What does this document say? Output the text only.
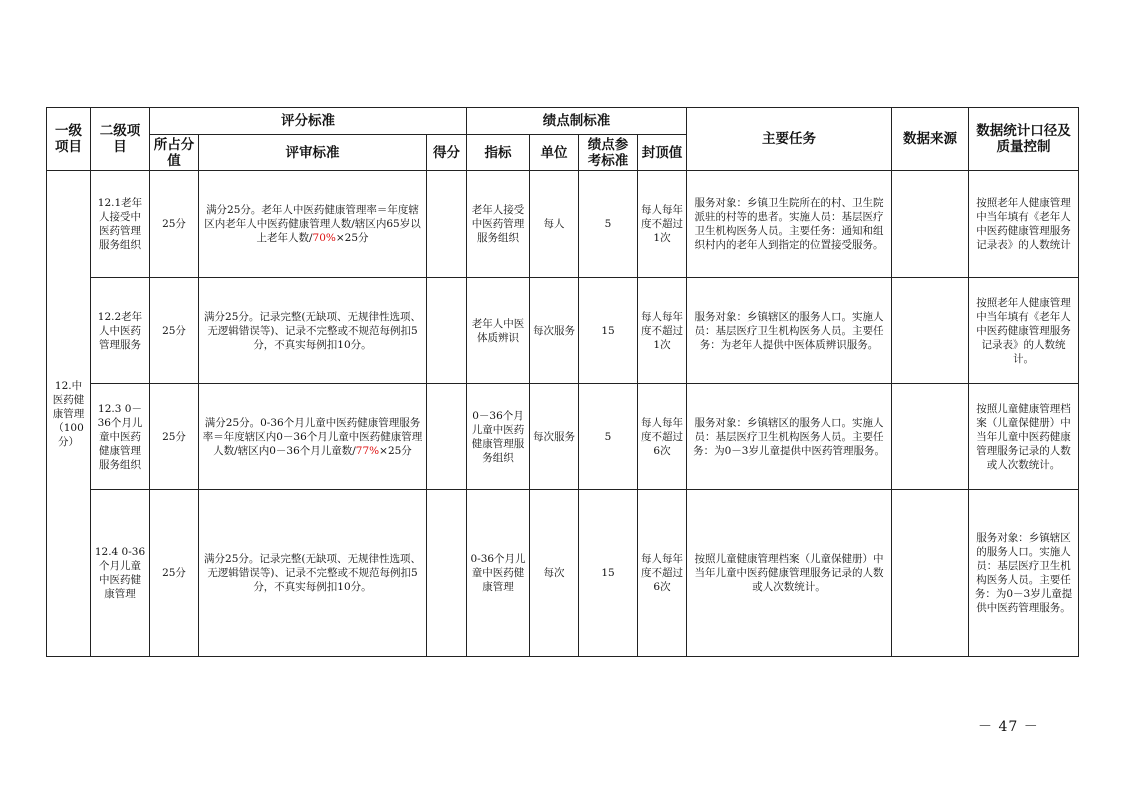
一级项目	二级项目	评分标准			绩点制标准				主要任务	数据来源	数据统计口径及质量控制
		所占分值	评审标准	得分	指标	单位	绩点参考标准	封顶值			
12.中医药健康管理（100分）	12.1老年人接受中医药管理服务组织	25分	满分25分。老年人中医药健康管理率＝年度辖区内老年人中医药健康管理人数/辖区内65岁以上老年人数/70%×25分		老年人接受中医药管理服务组织	每人	5	每人每年度不超过1次	服务对象：乡镇卫生院所在的村、卫生院派驻的村等的患者。实施人员：基层医疗卫生机构医务人员。主要任务：通知和组织村内的老年人到指定的位置接受服务。		按照老年人健康管理中当年填有《老年人中医药健康管理服务记录表》的人数统计
	12.2老年人中医药管理服务	25分	满分25分。记录完整(无缺项、无规律性选项、无逻辑错误等)、记录不完整或不规范每例扣5分，不真实每例扣10分。		老年人中医体质辨识	每次服务	15	每人每年度不超过1次	服务对象：乡镇辖区的服务人口。实施人员：基层医疗卫生机构医务人员。主要任务：为老年人提供中医体质辨识服务。		按照老年人健康管理中当年填有《老年人中医药健康管理服务记录表》的人数统计。
	12.3 0－36个月儿童中医药健康管理服务组织	25分	满分25分。0-36个月儿童中医药健康管理服务率＝年度辖区内0－36个月儿童中医药健康管理人数/辖区内0－36个月儿童数/77%×25分		0－36个月儿童中医药健康管理服务组织	每次服务	5	每人每年度不超过6次	服务对象：乡镇辖区的服务人口。实施人员：基层医疗卫生机构医务人员。主要任务：为0－3岁儿童提供中医药管理服务。		按照儿童健康管理档案（儿童保健册）中当年儿童中医药健康管理服务记录的人数或人次数统计。
	12.4 0-36个月儿童中医药健康管理	25分	满分25分。记录完整(无缺项、无规律性选项、无逻辑错误等)、记录不完整或不规范每例扣5分，不真实每例扣10分。		0-36个月儿童中医药健康管理	每次	15	每人每年度不超过6次	按照儿童健康管理档案（儿童保健册）中当年儿童中医药健康管理服务记录的人数或人次数统计。		服务对象：乡镇辖区的服务人口。实施人员：基层医疗卫生机构医务人员。主要任务：为0－3岁儿童提供中医药管理服务。
－ 47 －
